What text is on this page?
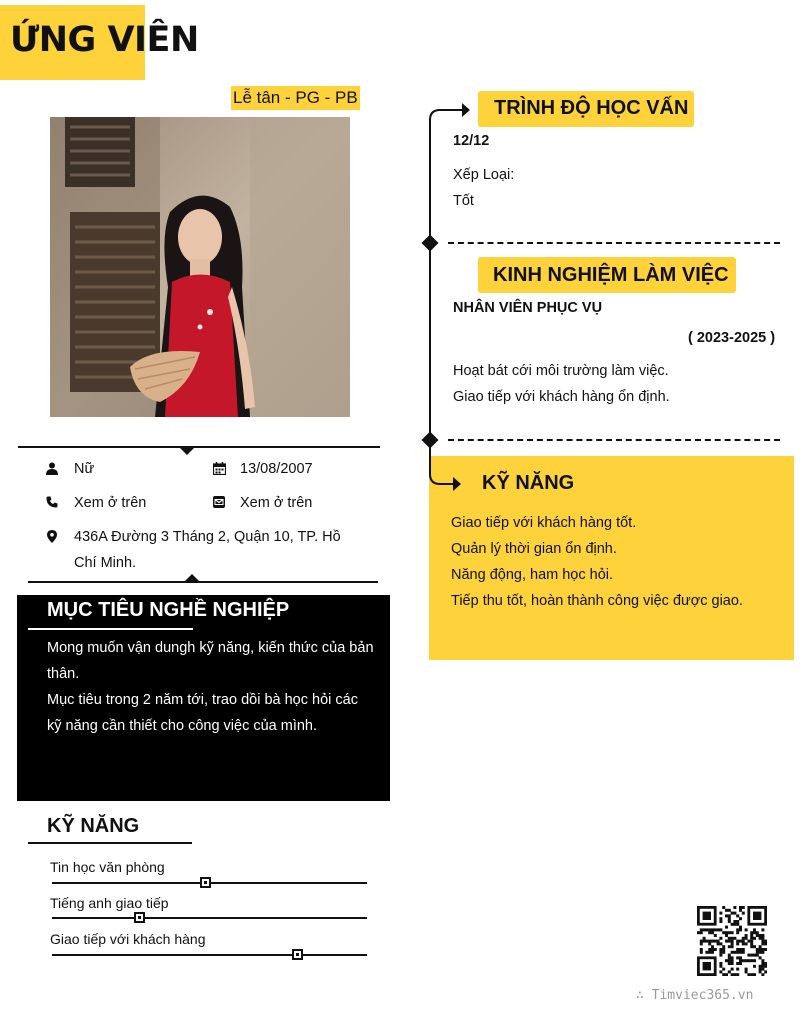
ỨNG VIÊN
Lễ tân - PG - PB
Nữ	13/08/2007
Xem ở trên	Xem ở trên
436A Đường 3 Tháng 2, Quận 10, TP. Hồ
Chí Minh.
MỤC TIÊU NGHỀ NGHIỆP
Mong muốn vận dungh kỹ năng, kiến thức của bản
thân.
Mục tiêu trong 2 năm tới, trao dồi bà học hỏi các
kỹ năng cần thiết cho công việc của mình.
KỸ NĂNG
Tin học văn phòng
Tiếng anh giao tiếp
Giao tiếp với khách hàng
TRÌNH ĐỘ HỌC VẤN
12/12
Xếp Loại:
Tốt
KINH NGHIỆM LÀM VIỆC
NHÂN VIÊN PHỤC VỤ
( 2023-2025 )
Hoạt bát cới môi trường làm việc.
Giao tiếp với khách hàng ổn định.
KỸ NĂNG
Giao tiếp với khách hàng tốt.
Quản lý thời gian ổn định.
Năng động, ham học hỏi.
Tiếp thu tốt, hoàn thành công việc được giao.
∴ Timviec365.vn
